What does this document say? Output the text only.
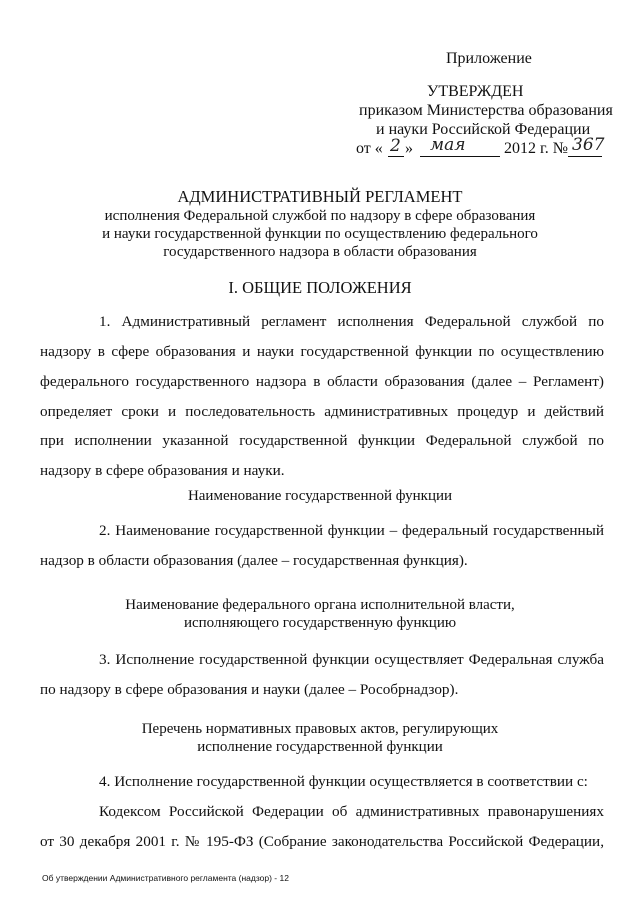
Приложение
УТВЕРЖДЕН
приказом Министерства образования
и науки Российской Федерации
от « 2 » мая 2012 г. № 367
АДМИНИСТРАТИВНЫЙ РЕГЛАМЕНТ
исполнения Федеральной службой по надзору в сфере образования
и науки государственной функции по осуществлению федерального
государственного надзора в области образования
I. ОБЩИЕ ПОЛОЖЕНИЯ

1. Административный регламент исполнения Федеральной службой по

надзору в сфере образования и науки государственной функции по осуществлению

федерального государственного надзора в области образования (далее – Регламент)

определяет сроки и последовательность административных процедур и действий

при исполнении указанной государственной функции Федеральной службой по

надзору в сфере образования и науки.

Наименование государственной функции

2. Наименование государственной функции – федеральный государственный

надзор в области образования (далее – государственная функция).

Наименование федерального органа исполнительной власти,
исполняющего государственную функцию

3. Исполнение государственной функции осуществляет Федеральная служба

по надзору в сфере образования и науки (далее – Рособрнадзор).

Перечень нормативных правовых актов, регулирующих
исполнение государственной функции

4. Исполнение государственной функции осуществляется в соответствии с:

Кодексом Российской Федерации об административных правонарушениях

от 30 декабря 2001 г. № 195-ФЗ (Собрание законодательства Российской Федерации,

Об утверждении Административного регламента (надзор) - 12
